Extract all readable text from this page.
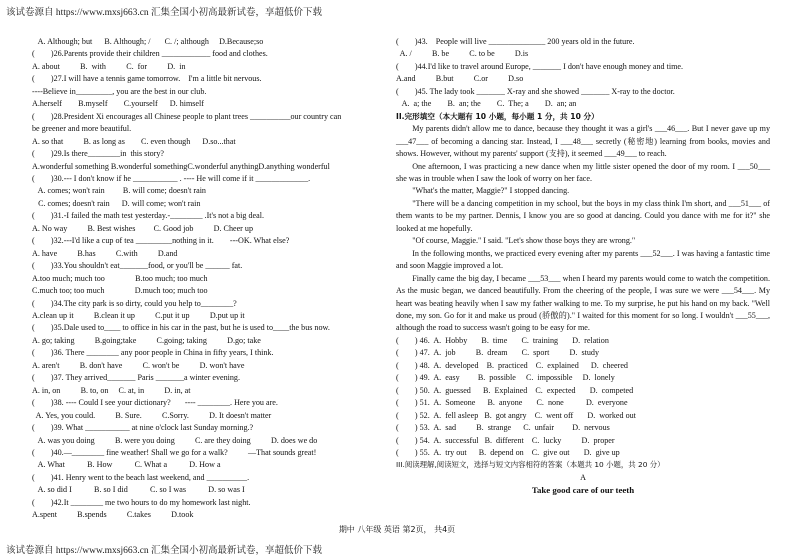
该试卷源自 https://www.mxsj663.cn 汇集全国小初高最新试卷，享超低价下载
A. Although; but      B. Although; /       C. /; although     D.Because;so
(        )26.Parents provide their children ____________ food and clothes.
A. about          B.  with          C.  for          D.  in
(        )27.I will have a tennis game tomorrow.    I'm a little bit nervous.
----Believe in_________, you are the best in our club.
A.herself        B.myself        C.yourself      D. himself
(        )28.President Xi encourages all Chinese people to plant trees __________our country can
be greener and more beautiful.
A. so that          B. as long as        C. even though      D.so...that
(        )29.Is there________in  this story?
A.wonderful something B.wonderful somethingC.wonderful anythingD.anything wonderful
(        )30.--- I don't know if he ___________ . ---- He will come if it _____________.
A. comes; won't rain         B. will come; doesn't rain
C. comes; doesn't rain      D. will come; won't rain
(        )31.-I failed the math test yesterday.-________ .It's not a big deal.
A. No way          B. Best wishes         C. Good job          D. Cheer up
(        )32.---I'd like a cup of tea _________nothing in it.        ---OK. What else?
A. have          B.has          C.with          D.and
(        )33.You shouldn't eat_______food, or you'll be ______ fat.
A.too much; much too               B.too much; too much
C.much too; too much               D.much too; much too
(        )34.The city park is so dirty, could you help to________?
A.clean up it          B.clean it up          C.put it up          D.put up it
(        )35.Dale used to____ to office in his car in the past, but he is used to____the bus now.
A. go; taking          B.going;take          C.going; taking          D.go; take
(        )36. There ________ any poor people in China in fifty years, I think.
A. aren't          B. don't have          C. won't be          D. won't have
(        )37. They arrived_______ Paris _______a winter evening.
A. in, on          B. to, on     C. at, in          D. in, at
(        )38. ---- Could I see your dictionary?       ---- ________. Here you are.
A. Yes, you could.          B. Sure.          C.Sorry.          D. It doesn't matter
(        )39. What ___________ at nine o'clock last Sunday morning.?
A. was you doing          B. were you doing          C. are they doing          D. does we do
(        )40.—________ fine weather! Shall we go for a walk?          —That sounds great!
A. What           B. How           C. What a           D. How a
(        )41. Henry went to the beach last weekend, and __________.
A. so did I           B. so I did           C. so I was           D. so was I
(        )42.It ________ me two hours to do my homework last night.
A.spent          B.spends          C.takes          D.took
(        )43.    People will live ______________ 200 years old in the future.
A. /          B. be          C. to be          D.is
(        )44.I'd like to travel around Europe, _______ I don't have enough money and time.
A.and          B.but          C.or          D.so
(        )45. The lady took _______ X-ray and she showed _______ X-ray to the doctor.
A.  a; the        B.  an; the        C.  The; a        D.  an; an
II.完形填空（本大题有 10 小题，每小题 1 分，共 10 分）
My parents didn't allow me to dance, because they thought it was a girl's ___46___. But I never gave up my ___47___ of becoming a dancing star. Instead, I ___48___ secretly (秘密地) learning from books, movies and shows. However, without my parents' support (支持), it seemed ___49___ to reach.
One afternoon, I was practicing a new dance when my little sister opened the door of my room. I ___50___ she was in trouble when I saw the look of worry on her face.
"What's the matter, Maggie?" I stopped dancing.
"There will be a dancing competition in my school, but the boys in my class think I'm short, and ___51___ of them wants to be my partner. Dennis, I know you are so good at dancing. Could you dance with me for it?" she looked at me hopefully.
"Of course, Maggie." I said. "Let's show those boys they are wrong."
In the following months, we practiced every evening after my parents ___52___. I was having a fantastic time and soon Maggie improved a lot.
Finally came the big day, I became ___53___ when I heard my parents would come to watch the competition. As the music began, we danced beautifully. From the cheering of the people, I was sure we were ___54___. My heart was beating heavily when I saw my father walking to me. To my surprise, he put his hand on my back. "Well done, my son. Go for it and make us proud (骄傲的)." I waited for this moment for so long. I wouldn't ___55___, although the road to success wasn't going to be easy for me.
(        ) 46.  A.  Hobby       B.  time       C.  training       D.  relation
(        ) 47.  A.  job          B.  dream       C.  sport          D.  study
(        ) 48.  A.  developed    B.  practiced    C.  explained      D.  cheered
(        ) 49.  A.  easy         B.  possible     C.  impossible     D.  lonely
(        ) 50.  A.  guessed      B.  Explained    C.  expected       D.  competed
(        ) 51.  A.  Someone      B.  anyone       C.  none           D.  everyone
(        ) 52.  A.  fell asleep   B.  got angry    C.  went off       D.  worked out
(        ) 53.  A.  sad          B.  strange      C.  unfair         D.  nervous
(        ) 54.  A.  successful   B.  different    C.  lucky          D.  proper
(        ) 55.  A.  try out      B.  depend on    C.  give out       D.  give up
III.阅读理解,阅读短文，选择与短文内容相符的答案（本题共 10 小题，共 20 分）
A
Take good care of our teeth
期中 八年级 英语 第2页， 共4页
该试卷源自 https://www.mxsj663.cn 汇集全国小初高最新试卷，享超低价下载
